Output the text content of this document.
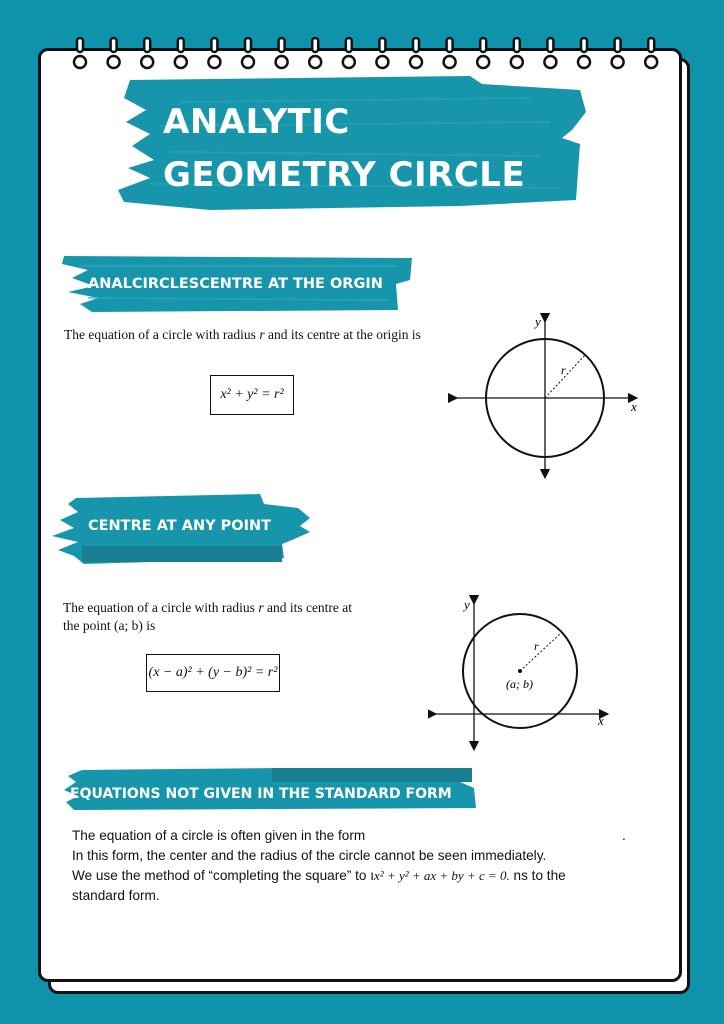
ANALYTIC
GEOMETRY CIRCLE
ANALCIRCLESCENTRE AT THE ORGIN
The equation of a circle with radius r and its centre at the origin is
x² + y² = r²
x
y
r
CENTRE AT ANY POINT
The equation of a circle with radius r and its centre at
the point (a; b) is
(x − a)² + (y − b)² = r²
x
y
r
(a; b)
EQUATIONS NOT GIVEN IN THE STANDARD FORM
The equation of a circle is often given in the form	.
In this form, the center and the radius of the circle cannot be seen immediately.
We use the method of “completing the square” to ıx² + y² + ax + by + c = 0. ns to the
standard form.
